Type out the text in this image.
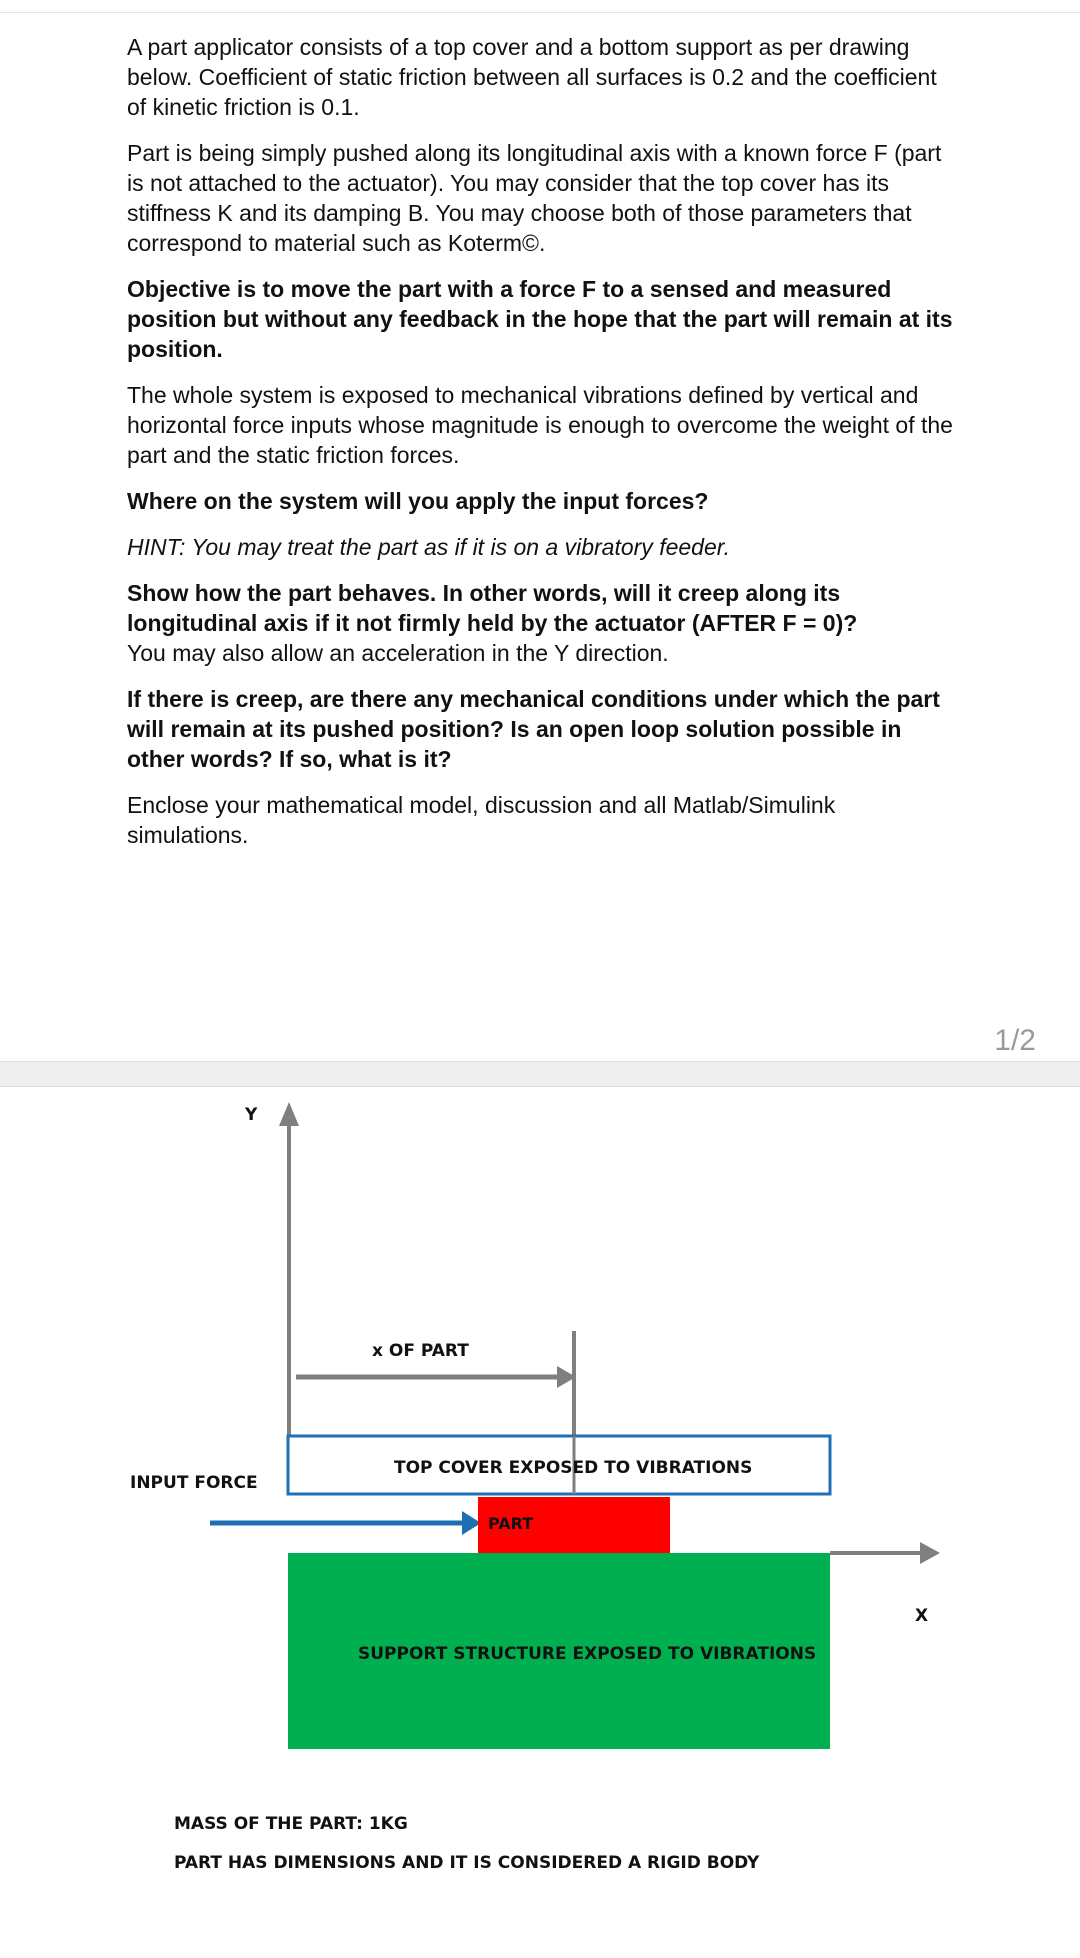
A part applicator consists of a top cover and a bottom support as per drawing below. Coefficient of static friction between all surfaces is 0.2 and the coefficient of kinetic friction is 0.1.

Part is being simply pushed along its longitudinal axis with a known force F (part is not attached to the actuator). You may consider that the top cover has its stiffness K and its damping B. You may choose both of those parameters that correspond to material such as Koterm©.

Objective is to move the part with a force F to a sensed and measured position but without any feedback in the hope that the part will remain at its position.

The whole system is exposed to mechanical vibrations defined by vertical and horizontal force inputs whose magnitude is enough to overcome the weight of the part and the static friction forces.

Where on the system will you apply the input forces?

HINT: You may treat the part as if it is on a vibratory feeder.

Show how the part behaves. In other words, will it creep along its longitudinal axis if it not firmly held by the actuator (AFTER F = 0)?
You may also allow an acceleration in the Y direction.

If there is creep, are there any mechanical conditions under which the part will remain at its pushed position? Is an open loop solution possible in other words? If so, what is it?

Enclose your mathematical model, discussion and all Matlab/Simulink simulations.

1/2
Y
x OF PART
TOP COVER EXPOSED TO VIBRATIONS
INPUT FORCE
PART
SUPPORT STRUCTURE EXPOSED TO VIBRATIONS
X
MASS OF THE PART: 1KG
PART HAS DIMENSIONS AND IT IS CONSIDERED A RIGID BODY
